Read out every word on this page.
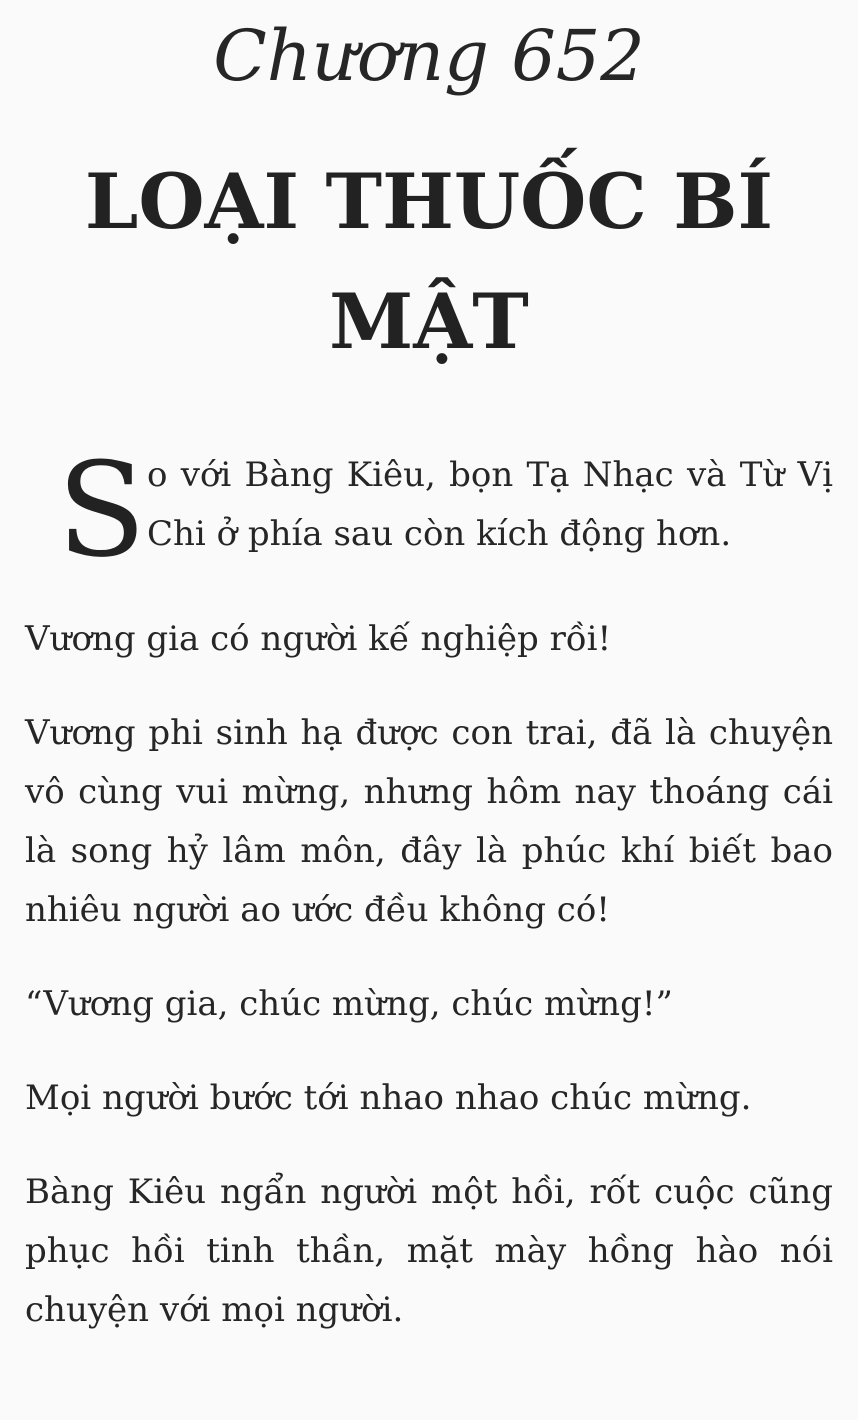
Chương 652
LOẠI THUỐC BÍ MẬT
S o với Bàng Kiêu, bọn Tạ Nhạc và Từ Vị Chi ở phía sau còn kích động hơn.

Vương gia có người kế nghiệp rồi!

Vương phi sinh hạ được con trai, đã là chuyện vô cùng vui mừng, nhưng hôm nay thoáng cái là song hỷ lâm môn, đây là phúc khí biết bao nhiêu người ao ước đều không có!

“Vương gia, chúc mừng, chúc mừng!”

Mọi người bước tới nhao nhao chúc mừng.

Bàng Kiêu ngẩn người một hồi, rốt cuộc cũng phục hồi tinh thần, mặt mày hồng hào nói chuyện với mọi người.
